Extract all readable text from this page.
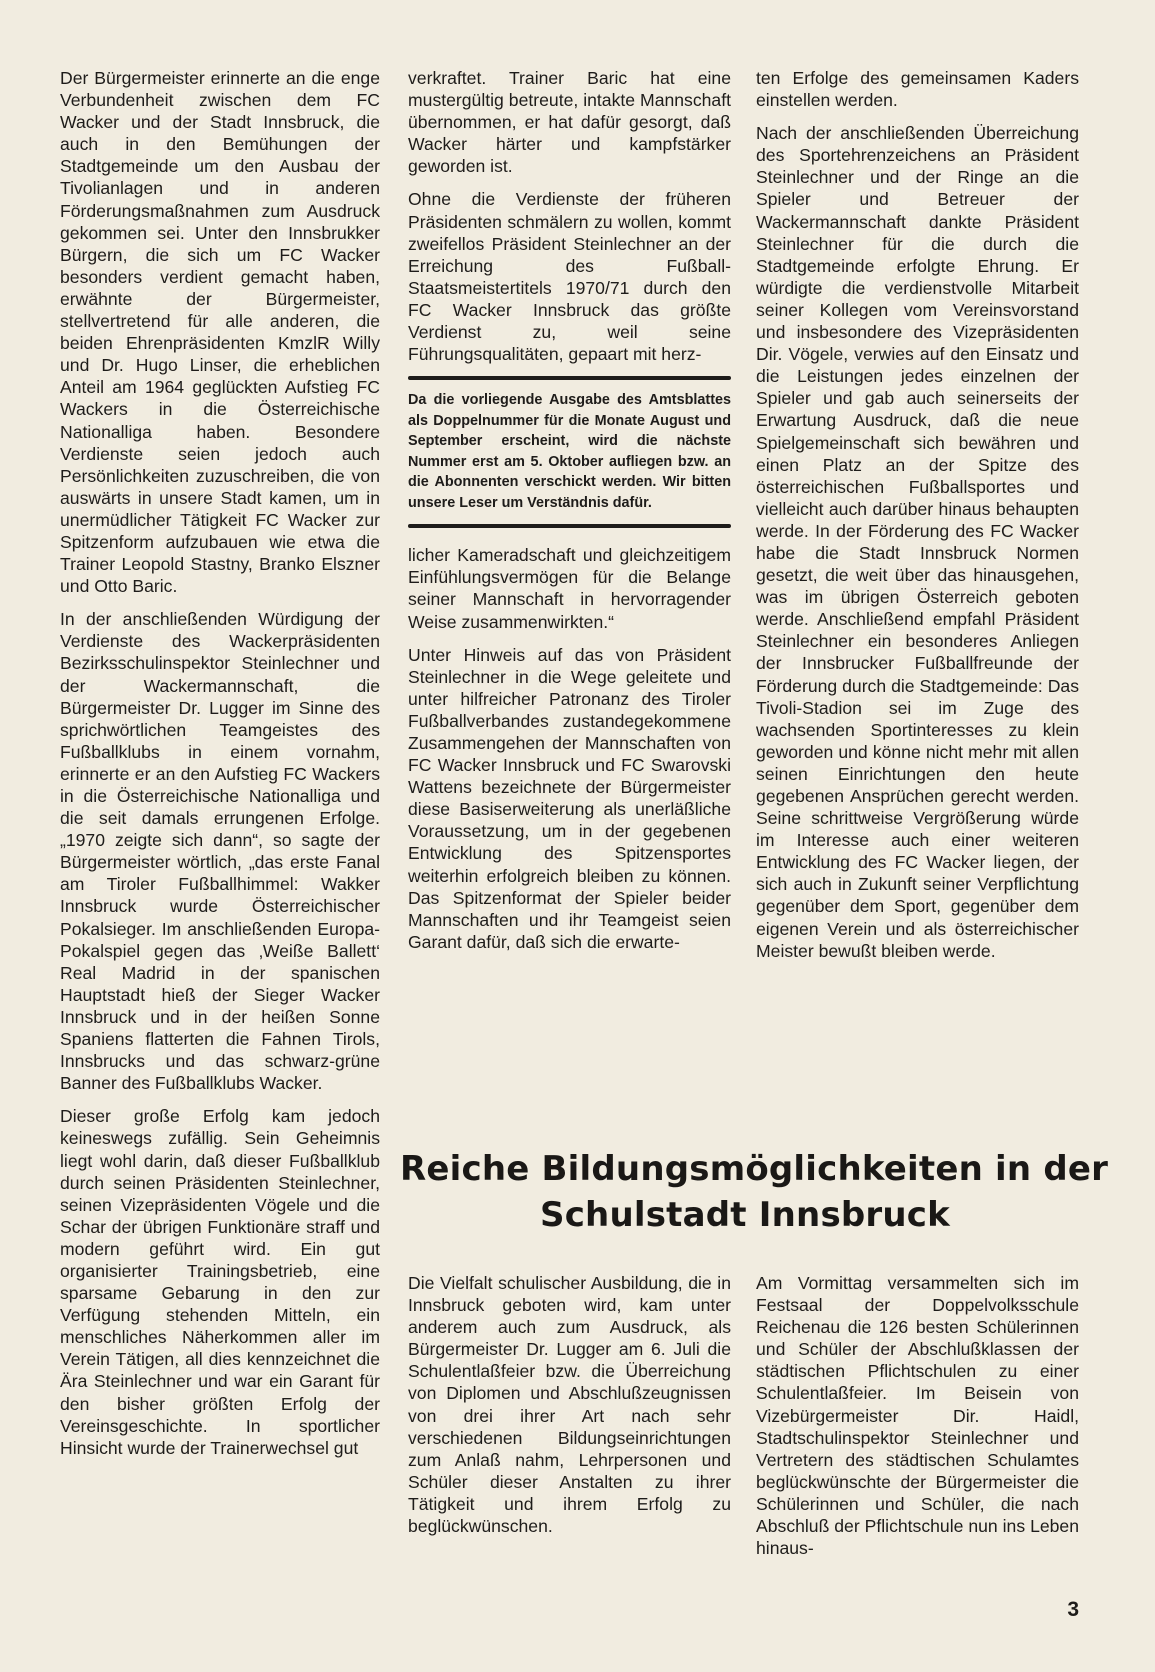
Der Bürgermeister erinnerte an die enge Verbundenheit zwischen dem FC Wacker und der Stadt Innsbruck, die auch in den Bemühungen der Stadtgemeinde um den Ausbau der Tivolianlagen und in anderen Förderungsmaßnahmen zum Ausdruck gekommen sei. Unter den Innsbrukker Bürgern, die sich um FC Wacker besonders verdient gemacht haben, erwähnte der Bürgermeister, stellvertretend für alle anderen, die beiden Ehrenpräsidenten KmzlR Willy und Dr. Hugo Linser, die erheblichen Anteil am 1964 geglückten Aufstieg FC Wackers in die Österreichische Nationalliga haben. Besondere Verdienste seien jedoch auch Persönlichkeiten zuzuschreiben, die von auswärts in unsere Stadt kamen, um in unermüdlicher Tätigkeit FC Wacker zur Spitzenform aufzubauen wie etwa die Trainer Leopold Stastny, Branko Elszner und Otto Baric.

In der anschließenden Würdigung der Verdienste des Wackerpräsidenten Bezirksschulinspektor Steinlechner und der Wackermannschaft, die Bürgermeister Dr. Lugger im Sinne des sprichwörtlichen Teamgeistes des Fußballklubs in einem vornahm, erinnerte er an den Aufstieg FC Wackers in die Österreichische Nationalliga und die seit damals errungenen Erfolge. „1970 zeigte sich dann“, so sagte der Bürgermeister wörtlich, „das erste Fanal am Tiroler Fußballhimmel: Wakker Innsbruck wurde Österreichischer Pokalsieger. Im anschließenden Europa-Pokalspiel gegen das ‚Weiße Ballett‘ Real Madrid in der spanischen Hauptstadt hieß der Sieger Wacker Innsbruck und in der heißen Sonne Spaniens flatterten die Fahnen Tirols, Innsbrucks und das schwarz-grüne Banner des Fußballklubs Wacker.

Dieser große Erfolg kam jedoch keineswegs zufällig. Sein Geheimnis liegt wohl darin, daß dieser Fußballklub durch seinen Präsidenten Steinlechner, seinen Vizepräsidenten Vögele und die Schar der übrigen Funktionäre straff und modern geführt wird. Ein gut organisierter Trainingsbetrieb, eine sparsame Gebarung in den zur Verfügung stehenden Mitteln, ein menschliches Näherkommen aller im Verein Tätigen, all dies kennzeichnet die Ära Steinlechner und war ein Garant für den bisher größten Erfolg der Vereinsgeschichte. In sportlicher Hinsicht wurde der Trainerwechsel gut

verkraftet. Trainer Baric hat eine mustergültig betreute, intakte Mannschaft übernommen, er hat dafür gesorgt, daß Wacker härter und kampfstärker geworden ist.

Ohne die Verdienste der früheren Präsidenten schmälern zu wollen, kommt zweifellos Präsident Steinlechner an der Erreichung des Fußball-Staatsmeistertitels 1970/71 durch den FC Wacker Innsbruck das größte Verdienst zu, weil seine Führungsqualitäten, gepaart mit herz-

Da die vorliegende Ausgabe des Amtsblattes als Doppelnummer für die Monate August und September erscheint, wird die nächste Nummer erst am 5. Oktober aufliegen bzw. an die Abonnenten verschickt werden. Wir bitten unsere Leser um Verständnis dafür.

licher Kameradschaft und gleichzeitigem Einfühlungsvermögen für die Belange seiner Mannschaft in hervorragender Weise zusammenwirkten.“

Unter Hinweis auf das von Präsident Steinlechner in die Wege geleitete und unter hilfreicher Patronanz des Tiroler Fußballverbandes zustandegekommene Zusammengehen der Mannschaften von FC Wacker Innsbruck und FC Swarovski Wattens bezeichnete der Bürgermeister diese Basiserweiterung als unerläßliche Voraussetzung, um in der gegebenen Entwicklung des Spitzensportes weiterhin erfolgreich bleiben zu können. Das Spitzenformat der Spieler beider Mannschaften und ihr Teamgeist seien Garant dafür, daß sich die erwarte-

ten Erfolge des gemeinsamen Kaders einstellen werden.

Nach der anschließenden Überreichung des Sportehrenzeichens an Präsident Steinlechner und der Ringe an die Spieler und Betreuer der Wackermannschaft dankte Präsident Steinlechner für die durch die Stadtgemeinde erfolgte Ehrung. Er würdigte die verdienstvolle Mitarbeit seiner Kollegen vom Vereinsvorstand und insbesondere des Vizepräsidenten Dir. Vögele, verwies auf den Einsatz und die Leistungen jedes einzelnen der Spieler und gab auch seinerseits der Erwartung Ausdruck, daß die neue Spielgemeinschaft sich bewähren und einen Platz an der Spitze des österreichischen Fußballsportes und vielleicht auch darüber hinaus behaupten werde. In der Förderung des FC Wacker habe die Stadt Innsbruck Normen gesetzt, die weit über das hinausgehen, was im übrigen Österreich geboten werde. Anschließend empfahl Präsident Steinlechner ein besonderes Anliegen der Innsbrucker Fußballfreunde der Förderung durch die Stadtgemeinde: Das Tivoli-Stadion sei im Zuge des wachsenden Sportinteresses zu klein geworden und könne nicht mehr mit allen seinen Einrichtungen den heute gegebenen Ansprüchen gerecht werden. Seine schrittweise Vergrößerung würde im Interesse auch einer weiteren Entwicklung des FC Wacker liegen, der sich auch in Zukunft seiner Verpflichtung gegenüber dem Sport, gegenüber dem eigenen Verein und als österreichischer Meister bewußt bleiben werde.

Reiche Bildungsmöglichkeiten in der
Schulstadt Innsbruck

Die Vielfalt schulischer Ausbildung, die in Innsbruck geboten wird, kam unter anderem auch zum Ausdruck, als Bürgermeister Dr. Lugger am 6. Juli die Schulentlaßfeier bzw. die Überreichung von Diplomen und Abschlußzeugnissen von drei ihrer Art nach sehr verschiedenen Bildungseinrichtungen zum Anlaß nahm, Lehrpersonen und Schüler dieser Anstalten zu ihrer Tätigkeit und ihrem Erfolg zu beglückwünschen.

Am Vormittag versammelten sich im Festsaal der Doppelvolksschule Reichenau die 126 besten Schülerinnen und Schüler der Abschlußklassen der städtischen Pflichtschulen zu einer Schulentlaßfeier. Im Beisein von Vizebürgermeister Dir. Haidl, Stadtschulinspektor Steinlechner und Vertretern des städtischen Schulamtes beglückwünschte der Bürgermeister die Schülerinnen und Schüler, die nach Abschluß der Pflichtschule nun ins Leben hinaus-

3
